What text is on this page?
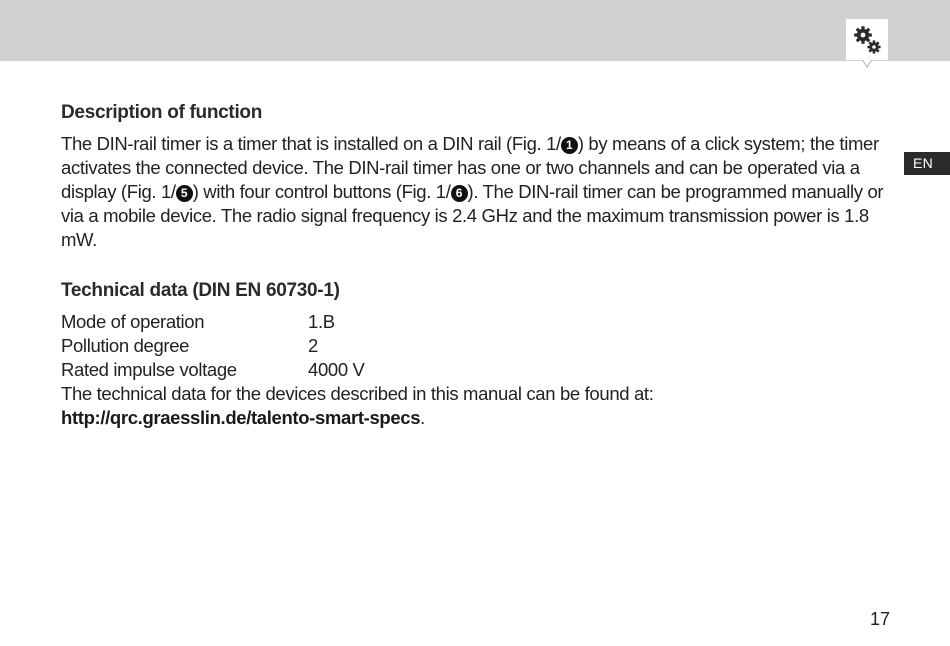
EN
Description of function

The DIN-rail timer is a timer that is installed on a DIN rail (Fig. 1/ 1 ) by means of a click system; the timer activates the connected device. The DIN-rail timer has one or two channels and can be operated via a display (Fig. 1/ 5 ) with four control buttons (Fig. 1/ 6 ). The DIN-rail timer can be programmed manually or via a mobile device. The radio signal frequency is 2.4 GHz and the maximum transmission power is 1.8 mW.

Technical data (DIN EN 60730-1)
Mode of operation	1.B
Pollution degree	2
Rated impulse voltage	4000 V
The technical data for the devices described in this manual can be found at:
http://qrc.graesslin.de/talento-smart-specs.
17
